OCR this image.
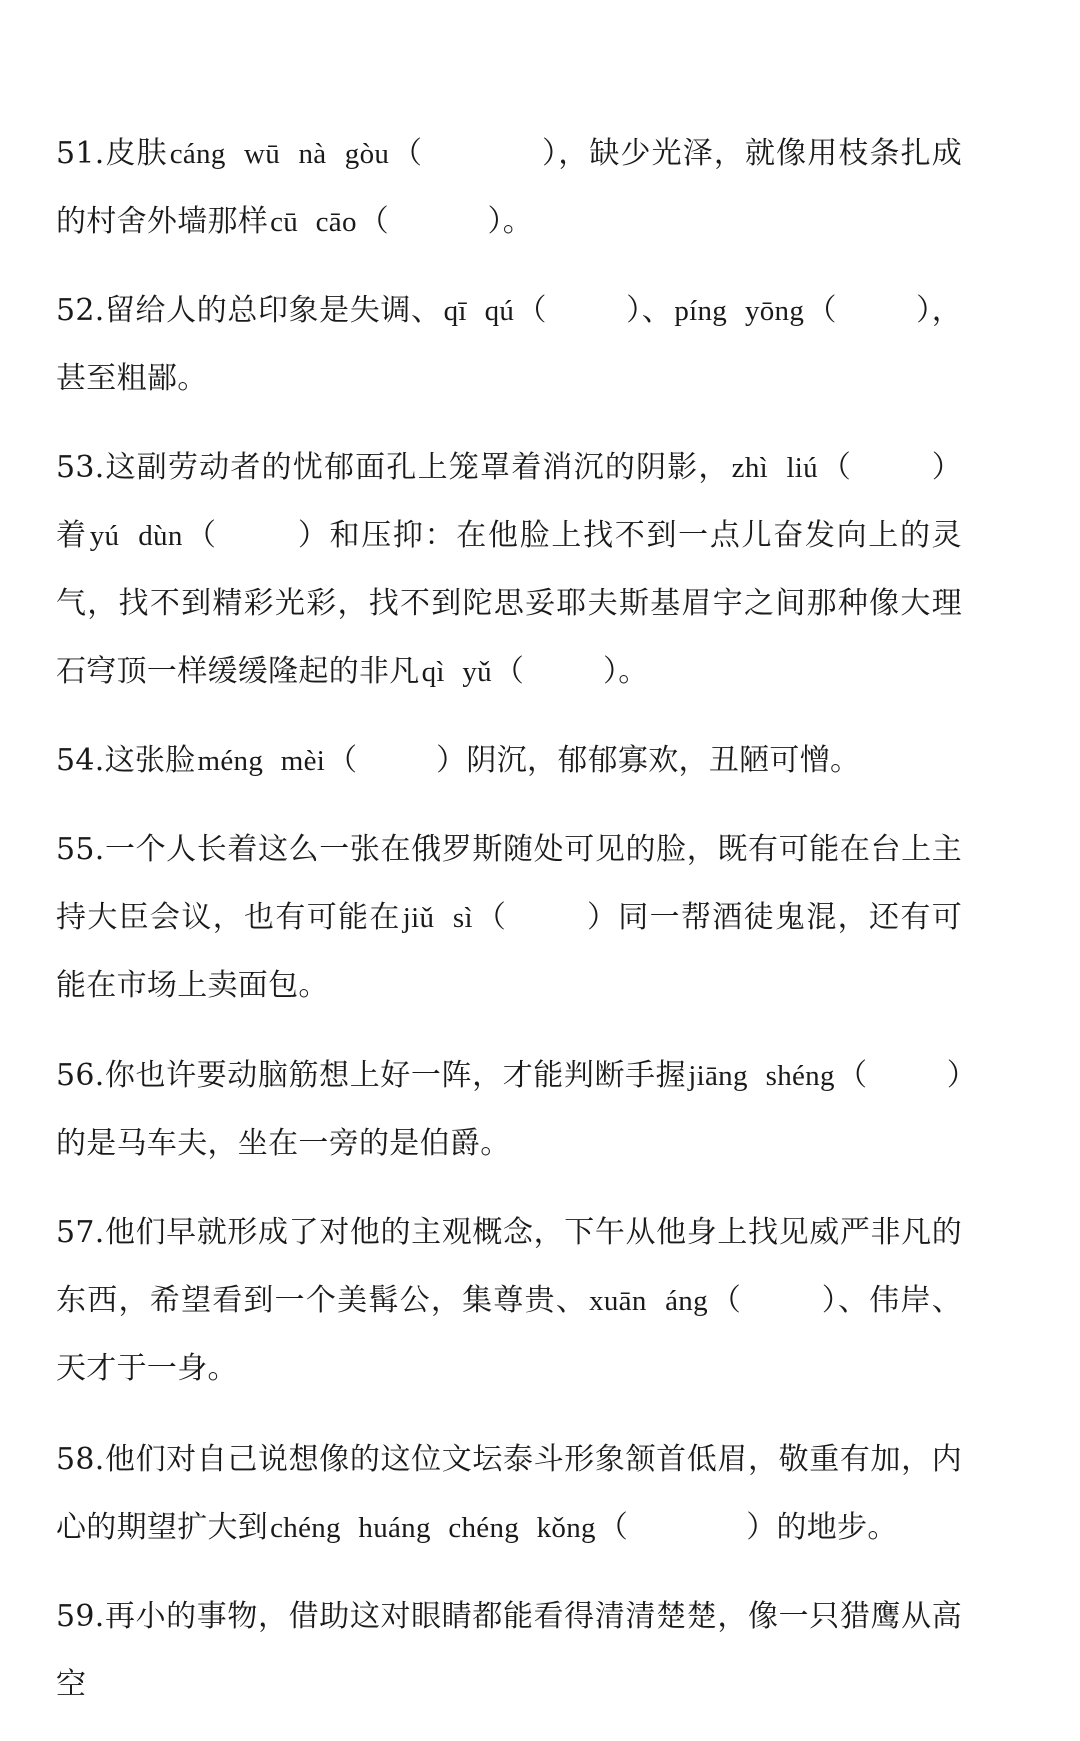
51.皮肤cáng wū nà gòu（	），缺少光泽，就像用枝条扎成的村舍外墙那样cū cāo（	）。

52.留给人的总印象是失调、qī qú（	）、píng yōng（	），甚至粗鄙。

53.这副劳动者的忧郁面孔上笼罩着消沉的阴影，zhì liú（	）着yú dùn（	）和压抑：在他脸上找不到一点儿奋发向上的灵气，找不到精彩光彩，找不到陀思妥耶夫斯基眉宇之间那种像大理石穹顶一样缓缓隆起的非凡qì yǔ（	）。

54.这张脸méng mèi（	）阴沉，郁郁寡欢，丑陋可憎。

55.一个人长着这么一张在俄罗斯随处可见的脸，既有可能在台上主持大臣会议，也有可能在jiǔ sì（	）同一帮酒徒鬼混，还有可能在市场上卖面包。

56.你也许要动脑筋想上好一阵，才能判断手握jiāng shéng（	）的是马车夫，坐在一旁的是伯爵。

57.他们早就形成了对他的主观概念，下午从他身上找见威严非凡的东西，希望看到一个美髯公，集尊贵、xuān áng（	）、伟岸、天才于一身。

58.他们对自己说想像的这位文坛泰斗形象颔首低眉，敬重有加，内心的期望扩大到chéng huáng chéng kǒng（	）的地步。

59.再小的事物，借助这对眼睛都能看得清清楚楚，像一只猎鹰从高空
